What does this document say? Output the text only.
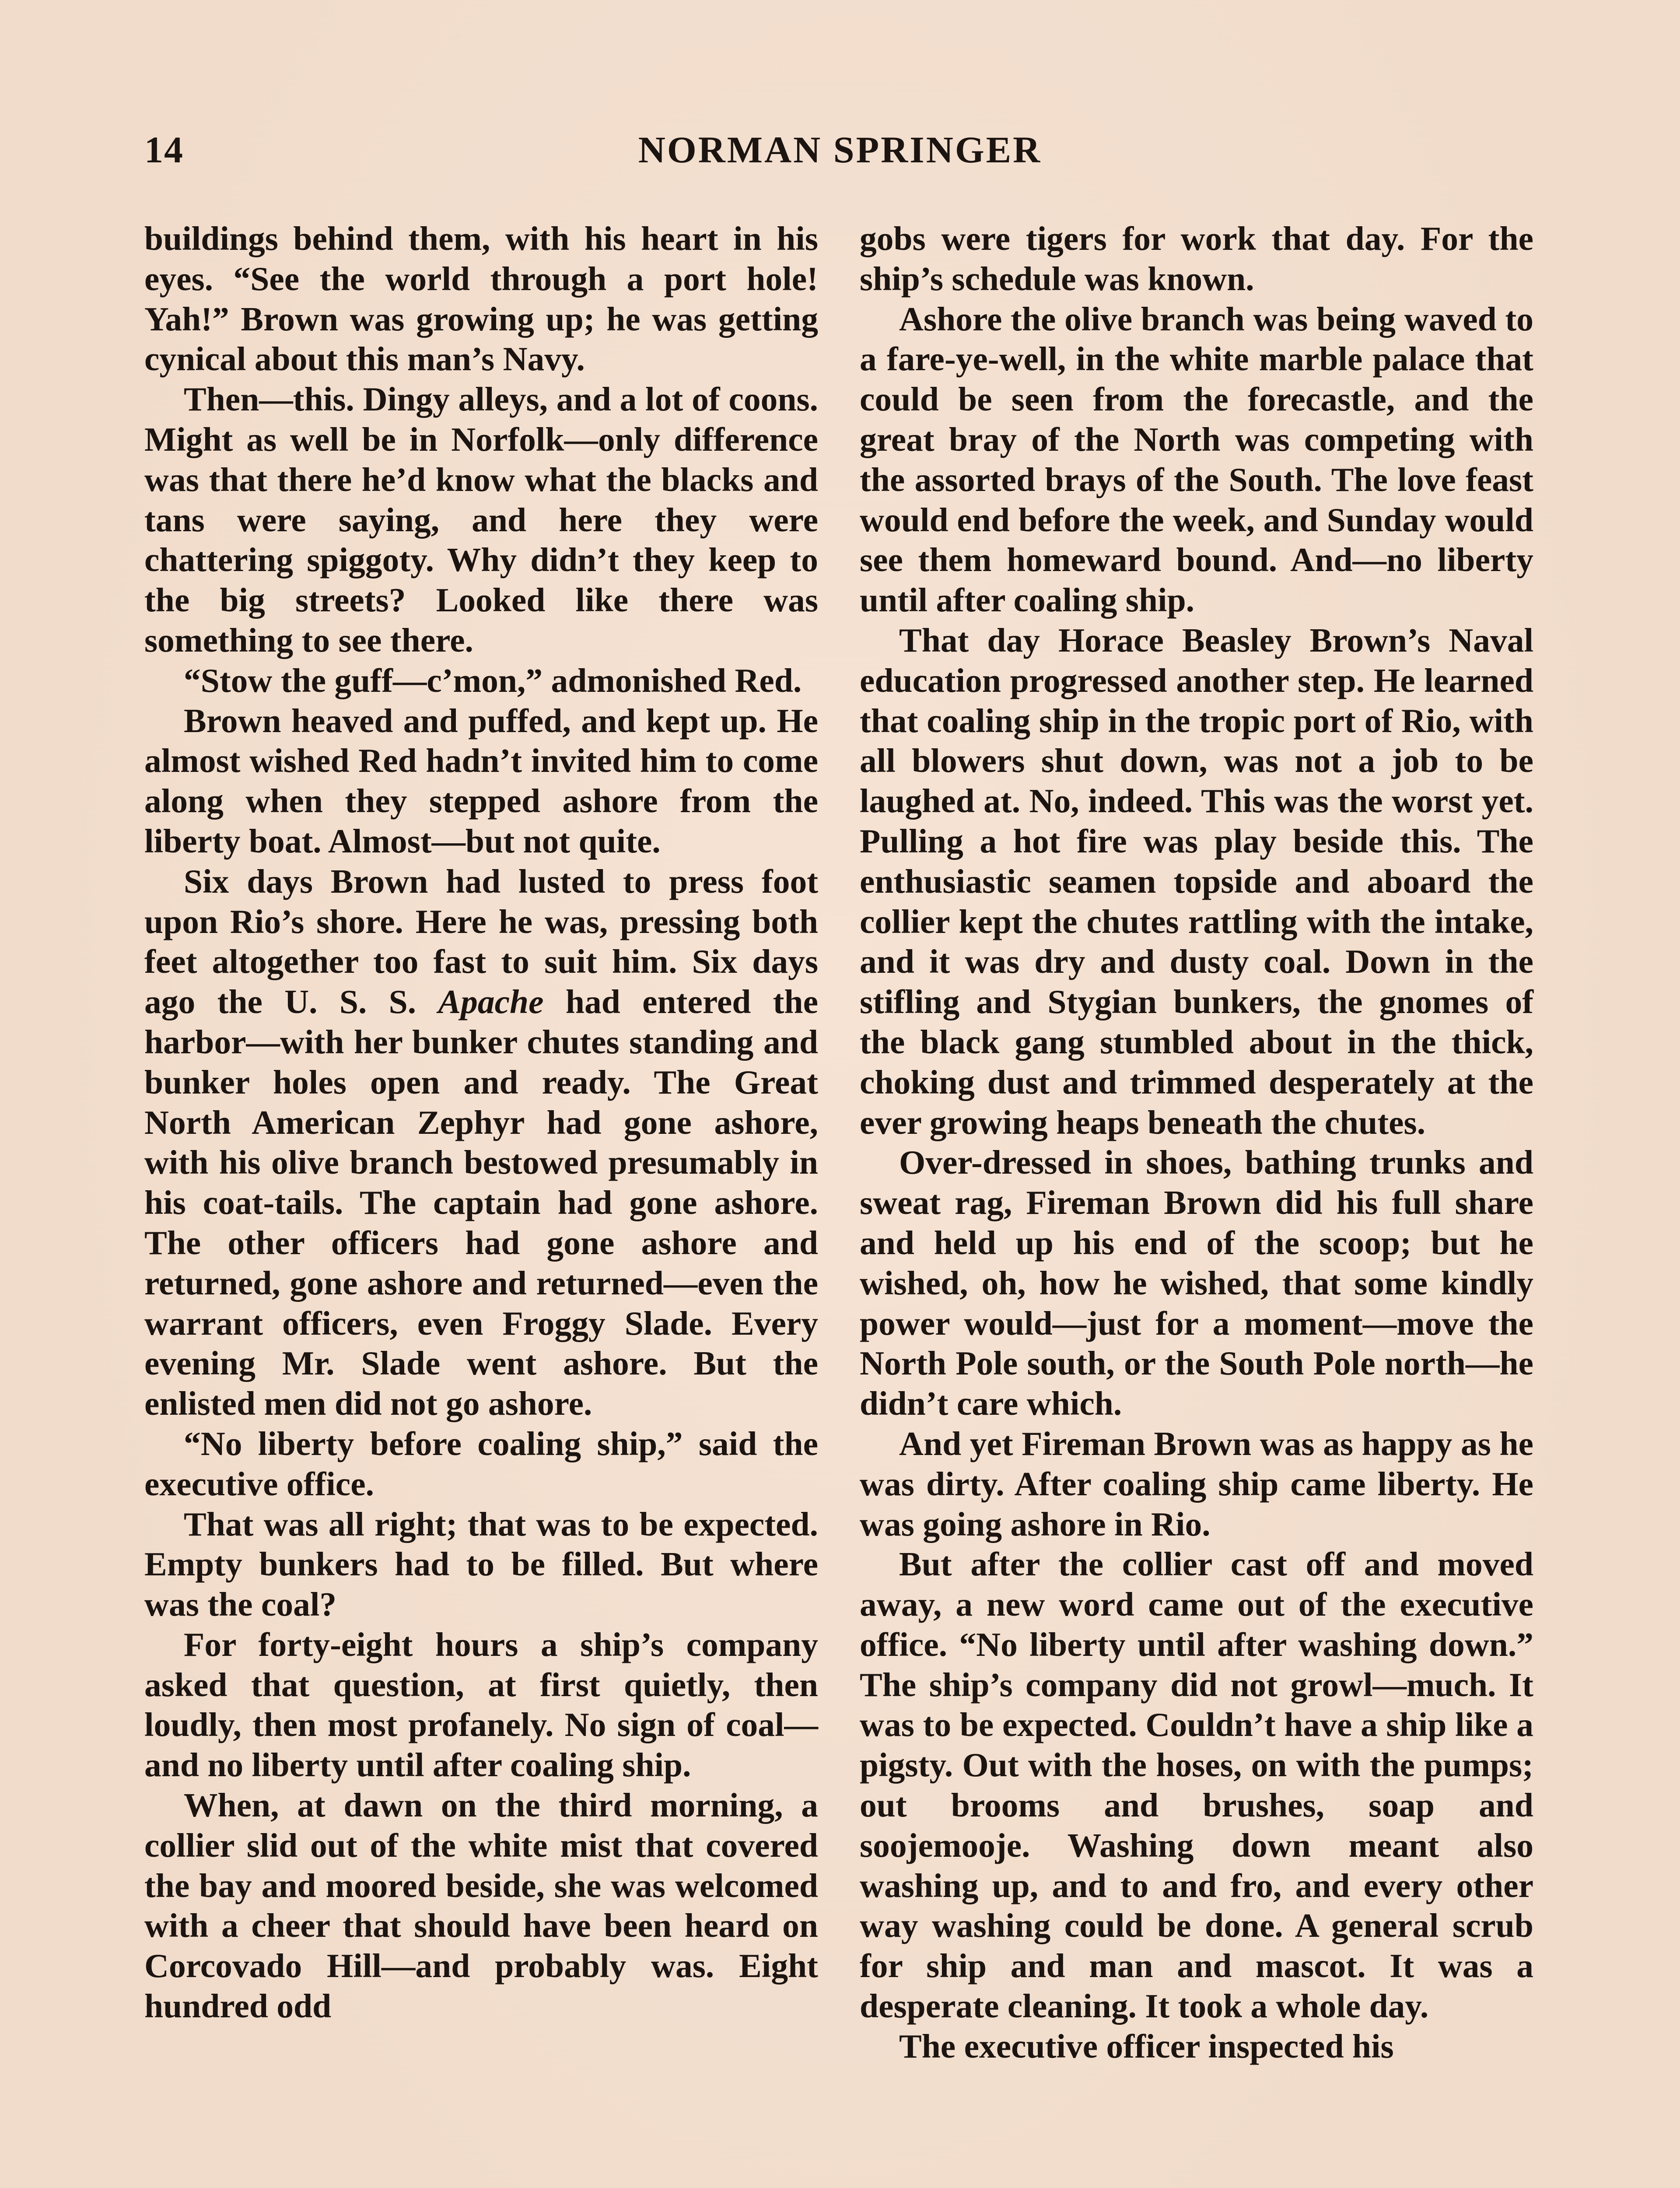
14	NORMAN SPRINGER

buildings behind them, with his heart in his eyes. “See the world through a port hole! Yah!” Brown was growing up; he was getting cynical about this man’s Navy.

Then—this. Dingy alleys, and a lot of coons. Might as well be in Norfolk—only difference was that there he’d know what the blacks and tans were saying, and here they were chattering spiggoty. Why didn’t they keep to the big streets? Looked like there was something to see there.

“Stow the guff—c’mon,” admonished Red.

Brown heaved and puffed, and kept up. He almost wished Red hadn’t invited him to come along when they stepped ashore from the liberty boat. Almost—but not quite.

Six days Brown had lusted to press foot upon Rio’s shore. Here he was, pressing both feet altogether too fast to suit him. Six days ago the U. S. S. Apache had entered the harbor—with her bunker chutes standing and bunker holes open and ready. The Great North American Zephyr had gone ashore, with his olive branch bestowed presumably in his coat-tails. The captain had gone ashore. The other officers had gone ashore and returned, gone ashore and returned—even the warrant officers, even Froggy Slade. Every evening Mr. Slade went ashore. But the enlisted men did not go ashore.

“No liberty before coaling ship,” said the executive office.

That was all right; that was to be expected. Empty bunkers had to be filled. But where was the coal?

For forty-eight hours a ship’s company asked that question, at first quietly, then loudly, then most profanely. No sign of coal—and no liberty until after coaling ship.

When, at dawn on the third morning, a collier slid out of the white mist that covered the bay and moored beside, she was welcomed with a cheer that should have been heard on Corcovado Hill—and probably was. Eight hundred odd

gobs were tigers for work that day. For the ship’s schedule was known.

Ashore the olive branch was being waved to a fare-ye-well, in the white marble palace that could be seen from the forecastle, and the great bray of the North was competing with the assorted brays of the South. The love feast would end before the week, and Sunday would see them homeward bound. And—no liberty until after coaling ship.

That day Horace Beasley Brown’s Naval education progressed another step. He learned that coaling ship in the tropic port of Rio, with all blowers shut down, was not a job to be laughed at. No, indeed. This was the worst yet. Pulling a hot fire was play beside this. The enthusiastic seamen topside and aboard the collier kept the chutes rattling with the intake, and it was dry and dusty coal. Down in the stifling and Stygian bunkers, the gnomes of the black gang stumbled about in the thick, choking dust and trimmed desperately at the ever growing heaps beneath the chutes.

Over-dressed in shoes, bathing trunks and sweat rag, Fireman Brown did his full share and held up his end of the scoop; but he wished, oh, how he wished, that some kindly power would—just for a moment—move the North Pole south, or the South Pole north—he didn’t care which.

And yet Fireman Brown was as happy as he was dirty. After coaling ship came liberty. He was going ashore in Rio.

But after the collier cast off and moved away, a new word came out of the executive office. “No liberty until after washing down.” The ship’s company did not growl—much. It was to be expected. Couldn’t have a ship like a pigsty. Out with the hoses, on with the pumps; out brooms and brushes, soap and soojemooje. Washing down meant also washing up, and to and fro, and every other way washing could be done. A general scrub for ship and man and mascot. It was a desperate cleaning. It took a whole day.

The executive officer inspected his
